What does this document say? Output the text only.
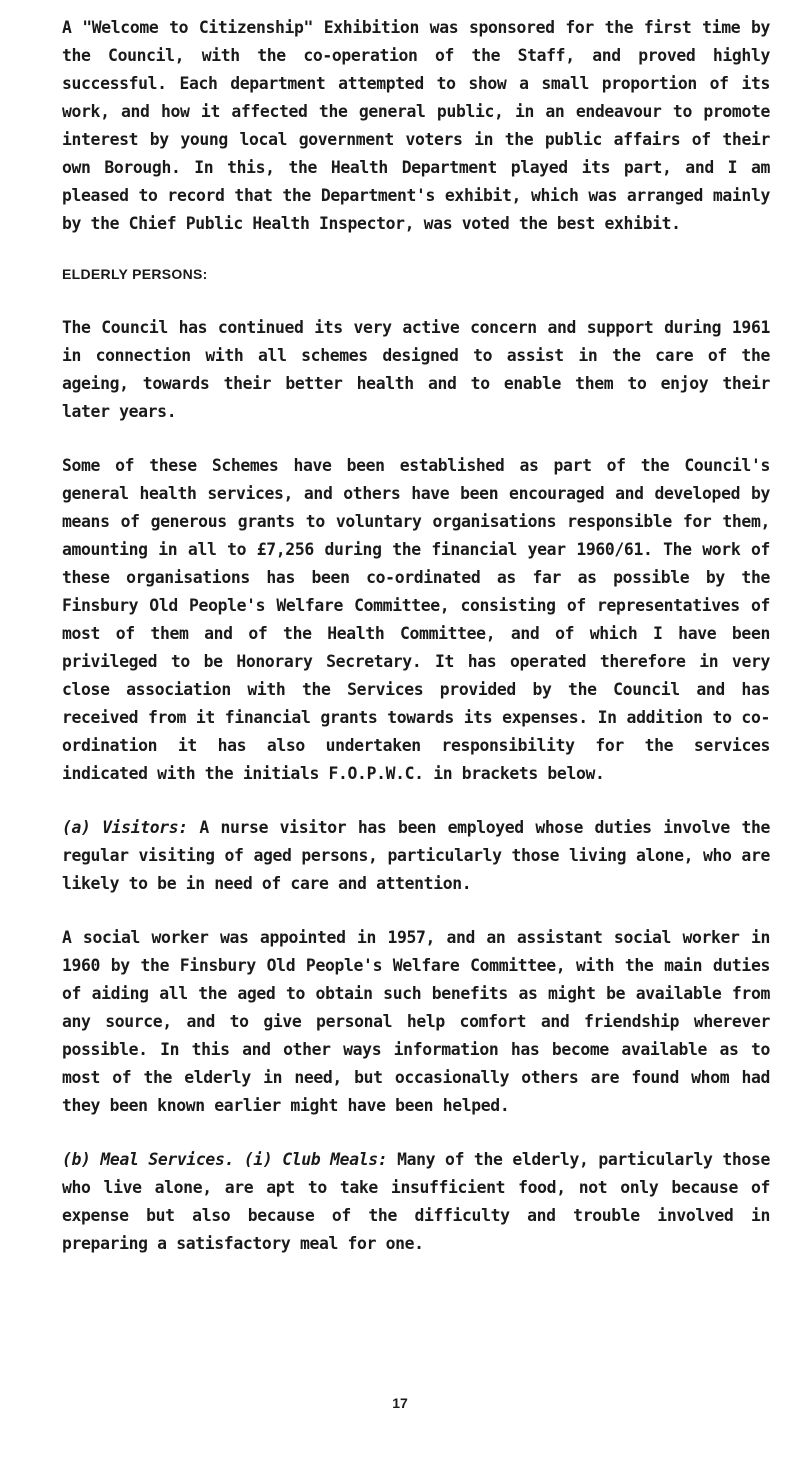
A "Welcome to Citizenship" Exhibition was sponsored for the first time by the Council, with the co-operation of the Staff, and proved highly successful. Each department attempted to show a small proportion of its work, and how it affected the general public, in an endeavour to promote interest by young local government voters in the public affairs of their own Borough. In this, the Health Department played its part, and I am pleased to record that the Department's exhibit, which was arranged mainly by the Chief Public Health Inspector, was voted the best exhibit.

ELDERLY PERSONS:

The Council has continued its very active concern and support during 1961 in connection with all schemes designed to assist in the care of the ageing, towards their better health and to enable them to enjoy their later years.

Some of these Schemes have been established as part of the Council's general health services, and others have been encouraged and developed by means of generous grants to voluntary organisations responsible for them, amounting in all to £7,256 during the financial year 1960/61. The work of these organisations has been co-ordinated as far as possible by the Finsbury Old People's Welfare Committee, consisting of representatives of most of them and of the Health Committee, and of which I have been privileged to be Honorary Secretary. It has operated therefore in very close association with the Services provided by the Council and has received from it financial grants towards its expenses. In addition to co-ordination it has also undertaken responsibility for the services indicated with the initials F.O.P.W.C. in brackets below.

(a) Visitors: A nurse visitor has been employed whose duties involve the regular visiting of aged persons, particularly those living alone, who are likely to be in need of care and attention.

A social worker was appointed in 1957, and an assistant social worker in 1960 by the Finsbury Old People's Welfare Committee, with the main duties of aiding all the aged to obtain such benefits as might be available from any source, and to give personal help comfort and friendship wherever possible. In this and other ways information has become available as to most of the elderly in need, but occasionally others are found whom had they been known earlier might have been helped.

(b) Meal Services. (i) Club Meals: Many of the elderly, particularly those who live alone, are apt to take insufficient food, not only because of expense but also because of the difficulty and trouble involved in preparing a satisfactory meal for one.

17
